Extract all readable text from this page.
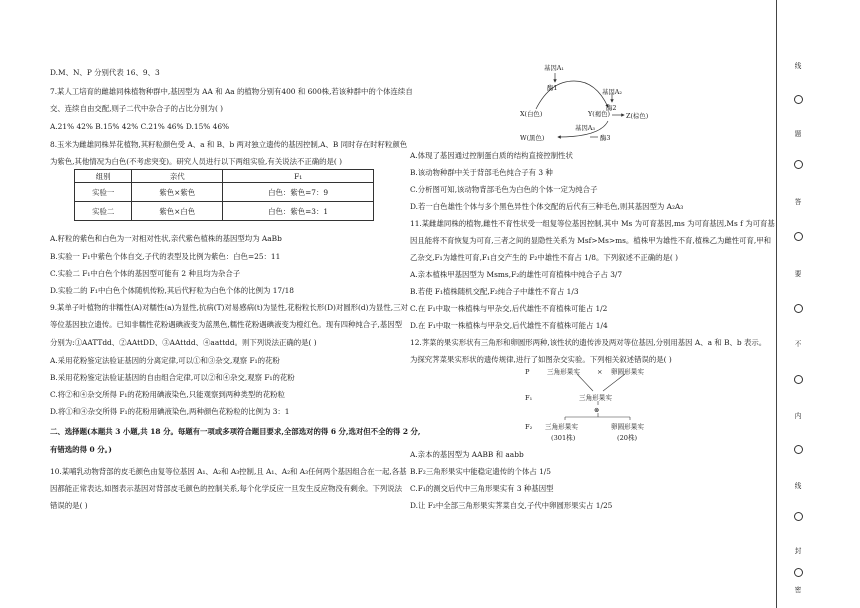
D.M、N、P 分别代表 16、9、3
7.某人工培育的雌雄同株植物种群中,基因型为 AA 和 Aa 的植物分别有400 和 600株,若该种群中的个体连续自
交、连续自由交配,则子二代中杂合子的占比分别为( )
A.21% 42% B.15% 42% C.21% 46% D.15% 46%
8.玉米为雌雄同株异花植物,其籽粒颜色受 A、a 和 B、b 两对独立遗传的基因控制,A、B 同时存在时籽粒颜色
为紫色,其他情况为白色(不考虑突变)。研究人员进行以下两组实验,有关说法不正确的是( )
组别	亲代	F₁
实验一	紫色×紫色	白色：紫色=7：9
实验二	紫色×白色	白色：紫色=3：1
A.籽粒的紫色和白色为一对相对性状,亲代紫色植株的基因型均为 AaBb
B.实验一 F₁中紫色个体自交,子代的表型及比例为紫色：白色=25：11
C.实验二 F₁中白色个体的基因型可能有 2 种且均为杂合子
D.实验二的 F₁中白色个体随机传粉,其后代籽粒为白色个体的比例为 17/18
9.某单子叶植物的非糯性(A)对糯性(a)为显性,抗病(T)对易感病(t)为显性,花粉粒长形(D)对圆形(d)为显性,三对
等位基因独立遗传。已知非糯性花粉遇碘液变为蓝黑色,糯性花粉遇碘液变为橙红色。现有四种纯合子,基因型
分别为:①AATTdd、②AAttDD、③AAttdd、④aattdd。则下列说法正确的是( )
A.采用花粉鉴定法验证基因的分离定律,可以①和③杂交,观察 F₁的花粉
B.采用花粉鉴定法验证基因的自由组合定律,可以②和④杂交,观察 F₁的花粉
C.将②和④杂交所得 F₁的花粉用碘液染色,只能观察到两种类型的花粉粒
D.将①和④杂交所得 F₁的花粉用碘液染色,两种颜色花粉粒的比例为 3：1
二、选择题(本题共 3 小题,共 18 分。每题有一项或多项符合题目要求,全部选对的得 6 分,选对但不全的得 2 分,
有错选的得 0 分。)
10.某哺乳动物背部的皮毛颜色由复等位基因 A₁、A₂和 A₃控制,且 A₁、A₂和 A₃任何两个基因组合在一起,各基
因都能正常表达,如图表示基因对背部皮毛颜色的控制关系,每个化学反应一旦发生反应物没有剩余。下列说法
错误的是( )
基因A₁
酶1	基因A₂
酶2
基因A₃
酶3
X(白色)	Y(褐色)	Z(棕色)
W(黑色)
A.体现了基因通过控制蛋白质的结构直接控制性状
B.该动物种群中关于背部毛色纯合子有 3 种
C.分析图可知,该动物背部毛色为白色的个体一定为纯合子
D.若一白色雄性个体与多个黑色异性个体交配的后代有三种毛色,则其基因型为 A₂A₃
11.某雌雄同株的植物,雌性不育性状受一组复等位基因控制,其中 Ms 为可育基因,ms 为可育基因,Ms f 为可育基
因且能将不育恢复为可育,三者之间的显隐性关系为 Msf>Ms>ms。植株甲为雄性不育,植株乙为雌性可育,甲和
乙杂交,F₁为雄性可育,F₁自交产生的 F₂中雄性不育占 1/8。下列叙述不正确的是( )
A.亲本植株甲基因型为 Msms,F₂的雄性可育植株中纯合子占 3/7
B.若使 F₁植株随机交配,F₂纯合子中雄性不育占 1/3
C.在 F₁中取一株植株与甲杂交,后代雄性不育植株可能占 1/2
D.在 F₁中取一株植株与甲杂交,后代雄性不育植株可能占 1/4
12.荠菜的果实形状有三角形和卵圆形两种,该性状的遗传涉及两对等位基因,分别用基因 A、a 和 B、b 表示。
为探究荠菜果实形状的遗传规律,进行了如图杂交实验。下列相关叙述错误的是( )
P	三角形果实	× 卵圆形果实
F₁	三角形果实
⊗
F₂ 三角形果实
(301株)
卵圆形果实
(20株)
A.亲本的基因型为 AABB 和 aabb
B.F₂三角形果实中能稳定遗传的个体占 1/5
C.F₁的测交后代中三角形果实有 3 种基因型
D.让 F₂中全部三角形果实荠菜自交,子代中卵圆形果实占 1/25
线
题
答
要
不
内
线
封
密
